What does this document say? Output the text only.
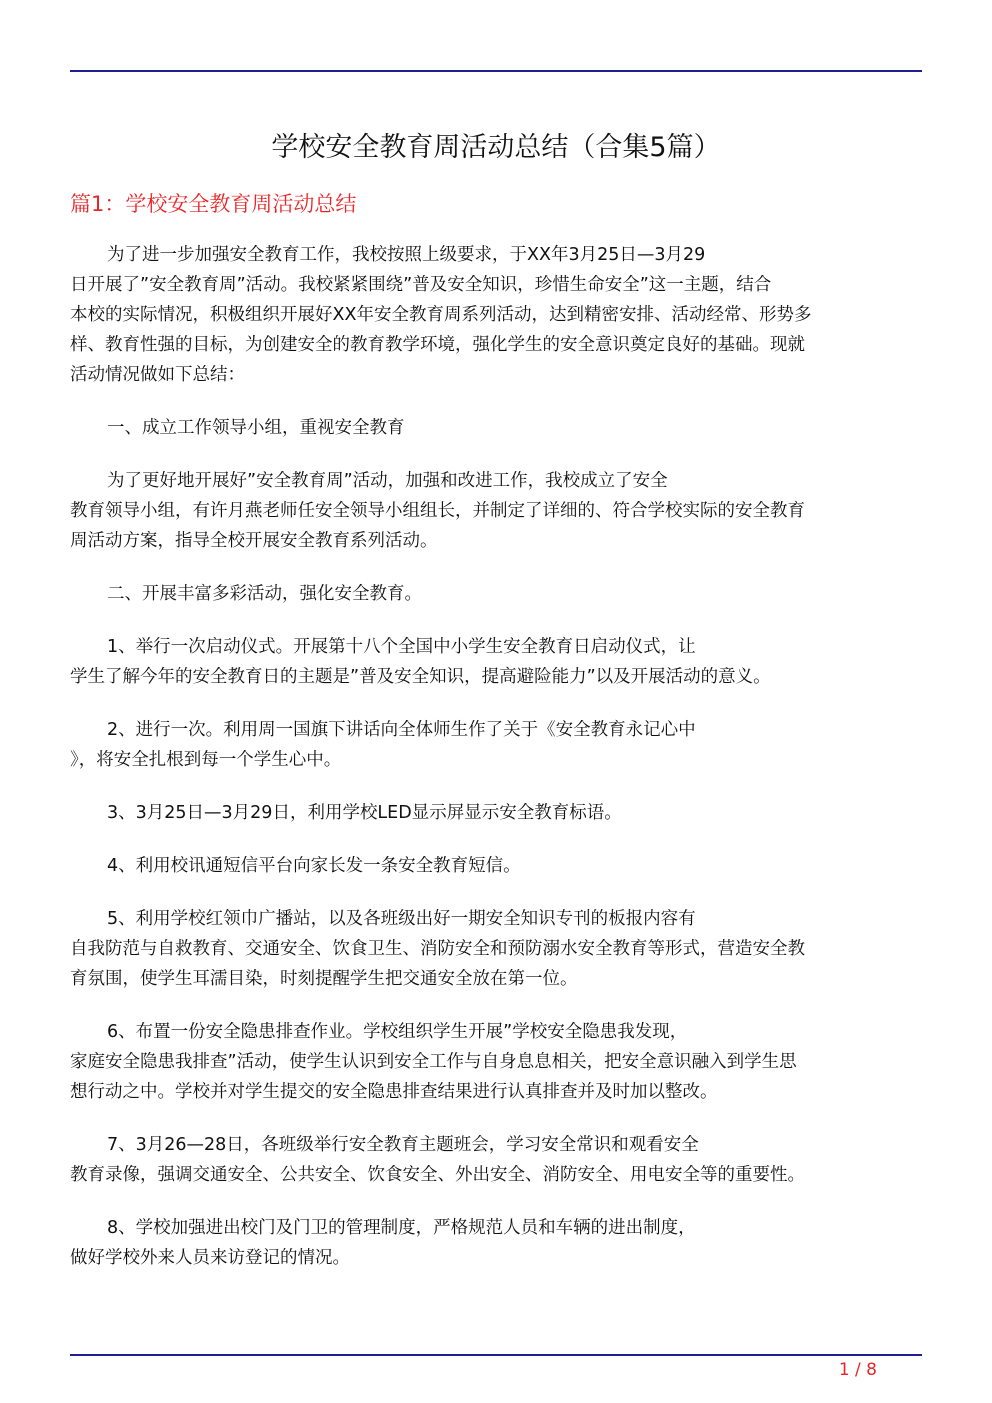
学校安全教育周活动总结（合集5篇）
篇1：学校安全教育周活动总结

为了进一步加强安全教育工作，我校按照上级要求，于XX年3月25日—3月29
日开展了”安全教育周”活动。我校紧紧围绕”普及安全知识，珍惜生命安全”这一主题，结合
本校的实际情况，积极组织开展好XX年安全教育周系列活动，达到精密安排、活动经常、形势多
样、教育性强的目标，为创建安全的教育教学环境，强化学生的安全意识奠定良好的基础。现就
活动情况做如下总结：

一、成立工作领导小组，重视安全教育

为了更好地开展好”安全教育周”活动，加强和改进工作，我校成立了安全
教育领导小组，有许月燕老师任安全领导小组组长，并制定了详细的、符合学校实际的安全教育
周活动方案，指导全校开展安全教育系列活动。

二、开展丰富多彩活动，强化安全教育。

1、举行一次启动仪式。开展第十八个全国中小学生安全教育日启动仪式，让
学生了解今年的安全教育日的主题是”普及安全知识，提高避险能力”以及开展活动的意义。

2、进行一次。利用周一国旗下讲话向全体师生作了关于《安全教育永记心中
》，将安全扎根到每一个学生心中。

3、3月25日—3月29日，利用学校LED显示屏显示安全教育标语。

4、利用校讯通短信平台向家长发一条安全教育短信。

5、利用学校红领巾广播站，以及各班级出好一期安全知识专刊的板报内容有
自我防范与自救教育、交通安全、饮食卫生、消防安全和预防溺水安全教育等形式，营造安全教
育氛围，使学生耳濡目染，时刻提醒学生把交通安全放在第一位。

6、布置一份安全隐患排查作业。学校组织学生开展”学校安全隐患我发现，
家庭安全隐患我排查”活动，使学生认识到安全工作与自身息息相关，把安全意识融入到学生思
想行动之中。学校并对学生提交的安全隐患排查结果进行认真排查并及时加以整改。

7、3月26—28日，各班级举行安全教育主题班会，学习安全常识和观看安全
教育录像，强调交通安全、公共安全、饮食安全、外出安全、消防安全、用电安全等的重要性。

8、学校加强进出校门及门卫的管理制度，严格规范人员和车辆的进出制度，
做好学校外来人员来访登记的情况。

1 / 8
